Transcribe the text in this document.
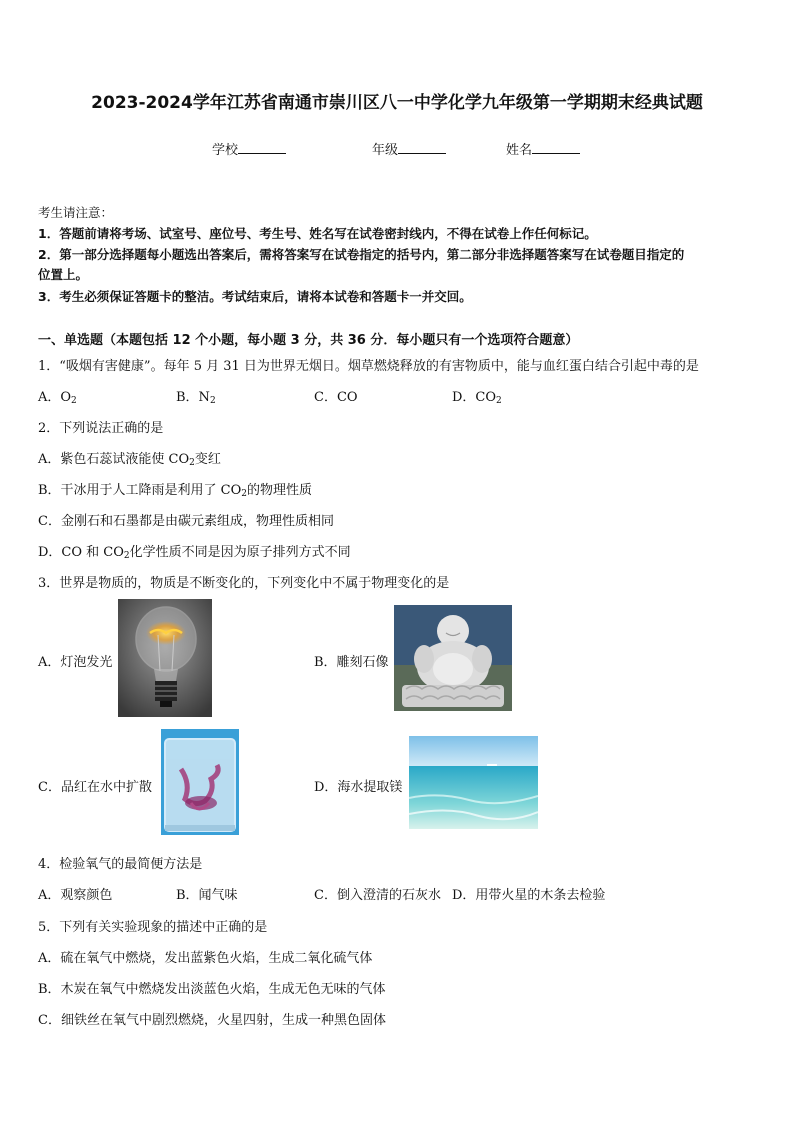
2023-2024学年江苏省南通市崇川区八一中学化学九年级第一学期期末经典试题
学校	年级	姓名
考生请注意：
1．答题前请将考场、试室号、座位号、考生号、姓名写在试卷密封线内，不得在试卷上作任何标记。
2．第一部分选择题每小题选出答案后，需将答案写在试卷指定的括号内，第二部分非选择题答案写在试卷题目指定的
位置上。
3．考生必须保证答题卡的整洁。考试结束后，请将本试卷和答题卡一并交回。
一、单选题（本题包括 12 个小题，每小题 3 分，共 36 分．每小题只有一个选项符合题意）
1．“吸烟有害健康”。每年 5 月 31 日为世界无烟日。烟草燃烧释放的有害物质中，能与血红蛋白结合引起中毒的是
A．$O_2$	B．$N_2$	C．CO	D．$CO_2$
2．下列说法正确的是
A．紫色石蕊试液能使 $CO_2$变红
B．干冰用于人工降雨是利用了 $CO_2$的物理性质
C．金刚石和石墨都是由碳元素组成，物理性质相同
D．CO 和 $CO_2$化学性质不同是因为原子排列方式不同
3．世界是物质的，物质是不断变化的，下列变化中不属于物理变化的是
A．灯泡发光	B．雕刻石像
C．品红在水中扩散	D．海水提取镁
4．检验氧气的最简便方法是
A．观察颜色	B．闻气味	C．倒入澄清的石灰水 D．用带火星的木条去检验
5．下列有关实验现象的描述中正确的是
A．硫在氧气中燃烧，发出蓝紫色火焰，生成二氧化硫气体
B．木炭在氧气中燃烧发出淡蓝色火焰，生成无色无味的气体
C．细铁丝在氧气中剧烈燃烧，火星四射，生成一种黑色固体
